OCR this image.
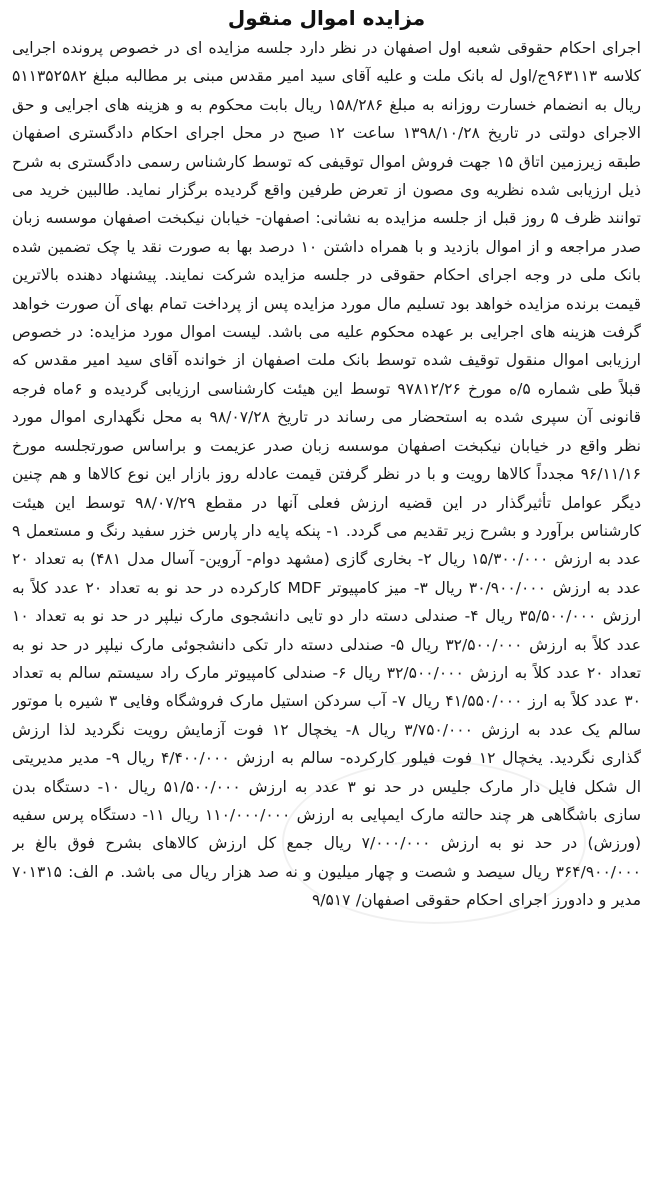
مزایده اموال منقول

اجرای احکام حقوقی شعبه اول اصفهان در نظر دارد جلسه مزایده ای در خصوص پرونده اجرایی کلاسه ۹۶۳۱۱۳ج/اول له بانک ملت و علیه آقای سید امیر مقدس مبنی بر مطالبه مبلغ ۵۱۱۳۵۲۵۸۲ ریال به انضمام خسارت روزانه به مبلغ ۱۵۸/۲۸۶ ریال بابت محکوم به و هزینه های اجرایی و حق الاجرای دولتی در تاریخ ۱۳۹۸/۱۰/۲۸ ساعت ۱۲ صبح در محل اجرای احکام دادگستری اصفهان طبقه زیرزمین اتاق ۱۵ جهت فروش اموال توقیفی که توسط کارشناس رسمی دادگستری به شرح ذیل ارزیابی شده نظریه وی مصون از تعرض طرفین واقع گردیده برگزار نماید. طالبین خرید می توانند ظرف ۵ روز قبل از جلسه مزایده به نشانی: اصفهان- خیابان نیکبخت اصفهان موسسه زبان صدر مراجعه و از اموال بازدید و با همراه داشتن ۱۰ درصد بها به صورت نقد یا چک تضمین شده بانک ملی در وجه اجرای احکام حقوقی در جلسه مزایده شرکت نمایند. پیشنهاد دهنده بالاترین قیمت برنده مزایده خواهد بود تسلیم مال مورد مزایده پس از پرداخت تمام بهای آن صورت خواهد گرفت هزینه های اجرایی بر عهده محکوم علیه می باشد. لیست اموال مورد مزایده: در خصوص ارزیابی اموال منقول توقیف شده توسط بانک ملت اصفهان از خوانده آقای سید امیر مقدس که قبلاً طی شماره ۵/ه مورخ ۹۷۸۱۲/۲۶ توسط این هیئت کارشناسی ارزیابی گردیده و ۶ماه فرجه قانونی آن سپری شده به استحضار می رساند در تاریخ ۹۸/۰۷/۲۸ به محل نگهداری اموال مورد نظر واقع در خیابان نیکبخت اصفهان موسسه زبان صدر عزیمت و براساس صورتجلسه مورخ ۹۶/۱۱/۱۶ مجدداً کالاها رویت و با در نظر گرفتن قیمت عادله روز بازار این نوع کالاها و هم چنین دیگر عوامل تأثیرگذار در این قضیه ارزش فعلی آنها در مقطع ۹۸/۰۷/۲۹ توسط این هیئت کارشناس برآورد و بشرح زیر تقدیم می گردد. ۱- پنکه پایه دار پارس خزر سفید رنگ و مستعمل ۹ عدد به ارزش ۱۵/۳۰۰/۰۰۰ ریال ۲- بخاری گازی (مشهد دوام- آروین- آسال مدل ۴۸۱) به تعداد ۲۰ عدد به ارزش ۳۰/۹۰۰/۰۰۰ ریال ۳- میز کامپیوتر MDF کارکرده در حد نو به تعداد ۲۰ عدد کلاً به ارزش ۳۵/۵۰۰/۰۰۰ ریال ۴- صندلی دسته دار دو تایی دانشجوی مارک نیلپر در حد نو به تعداد ۱۰ عدد کلاً به ارزش ۳۲/۵۰۰/۰۰۰ ریال ۵- صندلی دسته دار تکی دانشجوئی مارک نیلپر در حد نو به تعداد ۲۰ عدد کلاً به ارزش ۳۲/۵۰۰/۰۰۰ ریال ۶- صندلی کامپیوتر مارک راد سیستم سالم به تعداد ۳۰ عدد کلاً به ارز ۴۱/۵۵۰/۰۰۰ ریال ۷- آب سردکن استیل مارک فروشگاه وفایی ۳ شیره با موتور سالم یک عدد به ارزش ۳/۷۵۰/۰۰۰ ریال ۸- یخچال ۱۲ فوت آزمایش رویت نگردید لذا ارزش گذاری نگردید. یخچال ۱۲ فوت فیلور کارکرده- سالم به ارزش ۴/۴۰۰/۰۰۰ ریال ۹- مدیر مدیریتی ال شکل فایل دار مارک جلیس در حد نو ۳ عدد به ارزش ۵۱/۵۰۰/۰۰۰ ریال ۱۰- دستگاه بدن سازی باشگاهی هر چند حالته مارک ایمپایی به ارزش ۱۱۰/۰۰۰/۰۰۰ ریال ۱۱- دستگاه پرس سفیه (ورزش) در حد نو به ارزش ۷/۰۰۰/۰۰۰ ریال جمع کل ارزش کالاهای بشرح فوق بالغ بر ۳۶۴/۹۰۰/۰۰۰ ریال سیصد و شصت و چهار میلیون و نه صد هزار ریال می باشد. م الف: ۷۰۱۳۱۵ مدیر و دادورز اجرای احکام حقوقی اصفهان/ ۹/۵۱۷
